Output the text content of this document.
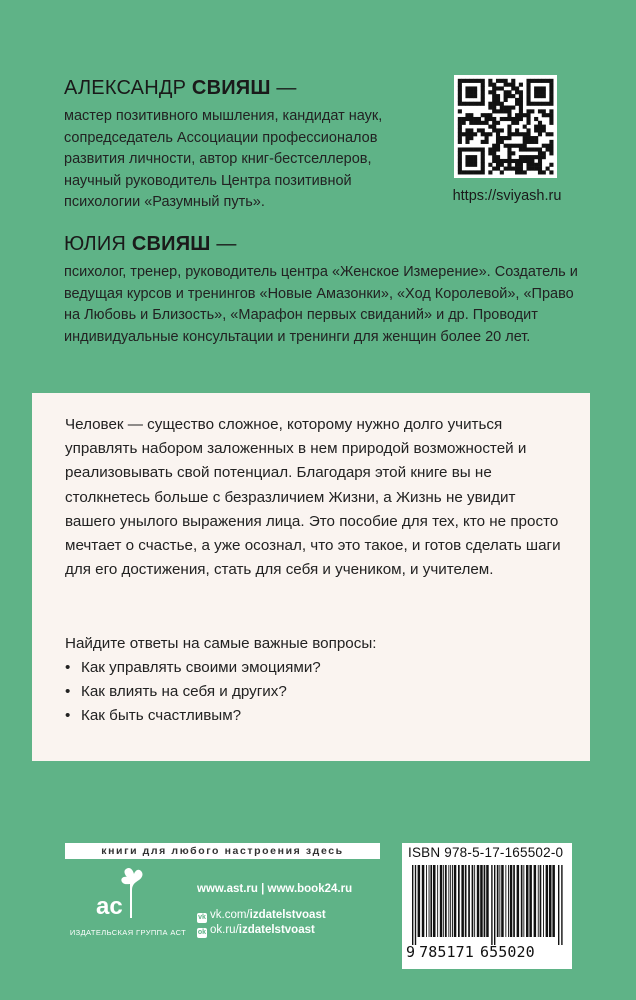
АЛЕКСАНДР СВИЯШ —

мастер позитивного мышления, кандидат наук, сопредседатель Ассоциации профессионалов развития личности, автор книг-бестселлеров, научный руководитель Центра позитивной психологии «Разумный путь».	https://sviyash.ru

ЮЛИЯ СВИЯШ —

психолог, тренер, руководитель центра «Женское Измерение». Создатель и ведущая курсов и тренингов «Новые Амазонки», «Ход Королевой», «Право на Любовь и Близость», «Марафон первых свиданий» и др. Проводит индивидуальные консультации и тренинги для женщин более 20 лет.

Человек — существо сложное, которому нужно долго учиться управлять набором заложенных в нем природой возможностей и реализовывать свой потенциал. Благодаря этой книге вы не столкнетесь больше с безразличием Жизни, а Жизнь не увидит вашего унылого выражения лица. Это пособие для тех, кто не просто мечтает о счастье, а уже осознал, что это такое, и готов сделать шаги для его достижения, стать для себя и учеником, и учителем.

Найдите ответы на самые важные вопросы:

• Как управлять своими эмоциями?
• Как влиять на себя и других?
• Как быть счастливым?
книги для любого настроения здесь
ac
ИЗДАТЕЛЬСКАЯ ГРУППА АСТ
www.ast.ru | www.book24.ru
vk vk.com/izdatelstvoast
ok ok.ru/izdatelstvoast
ISBN 978-5-17-165502-0
9 785171 655020
